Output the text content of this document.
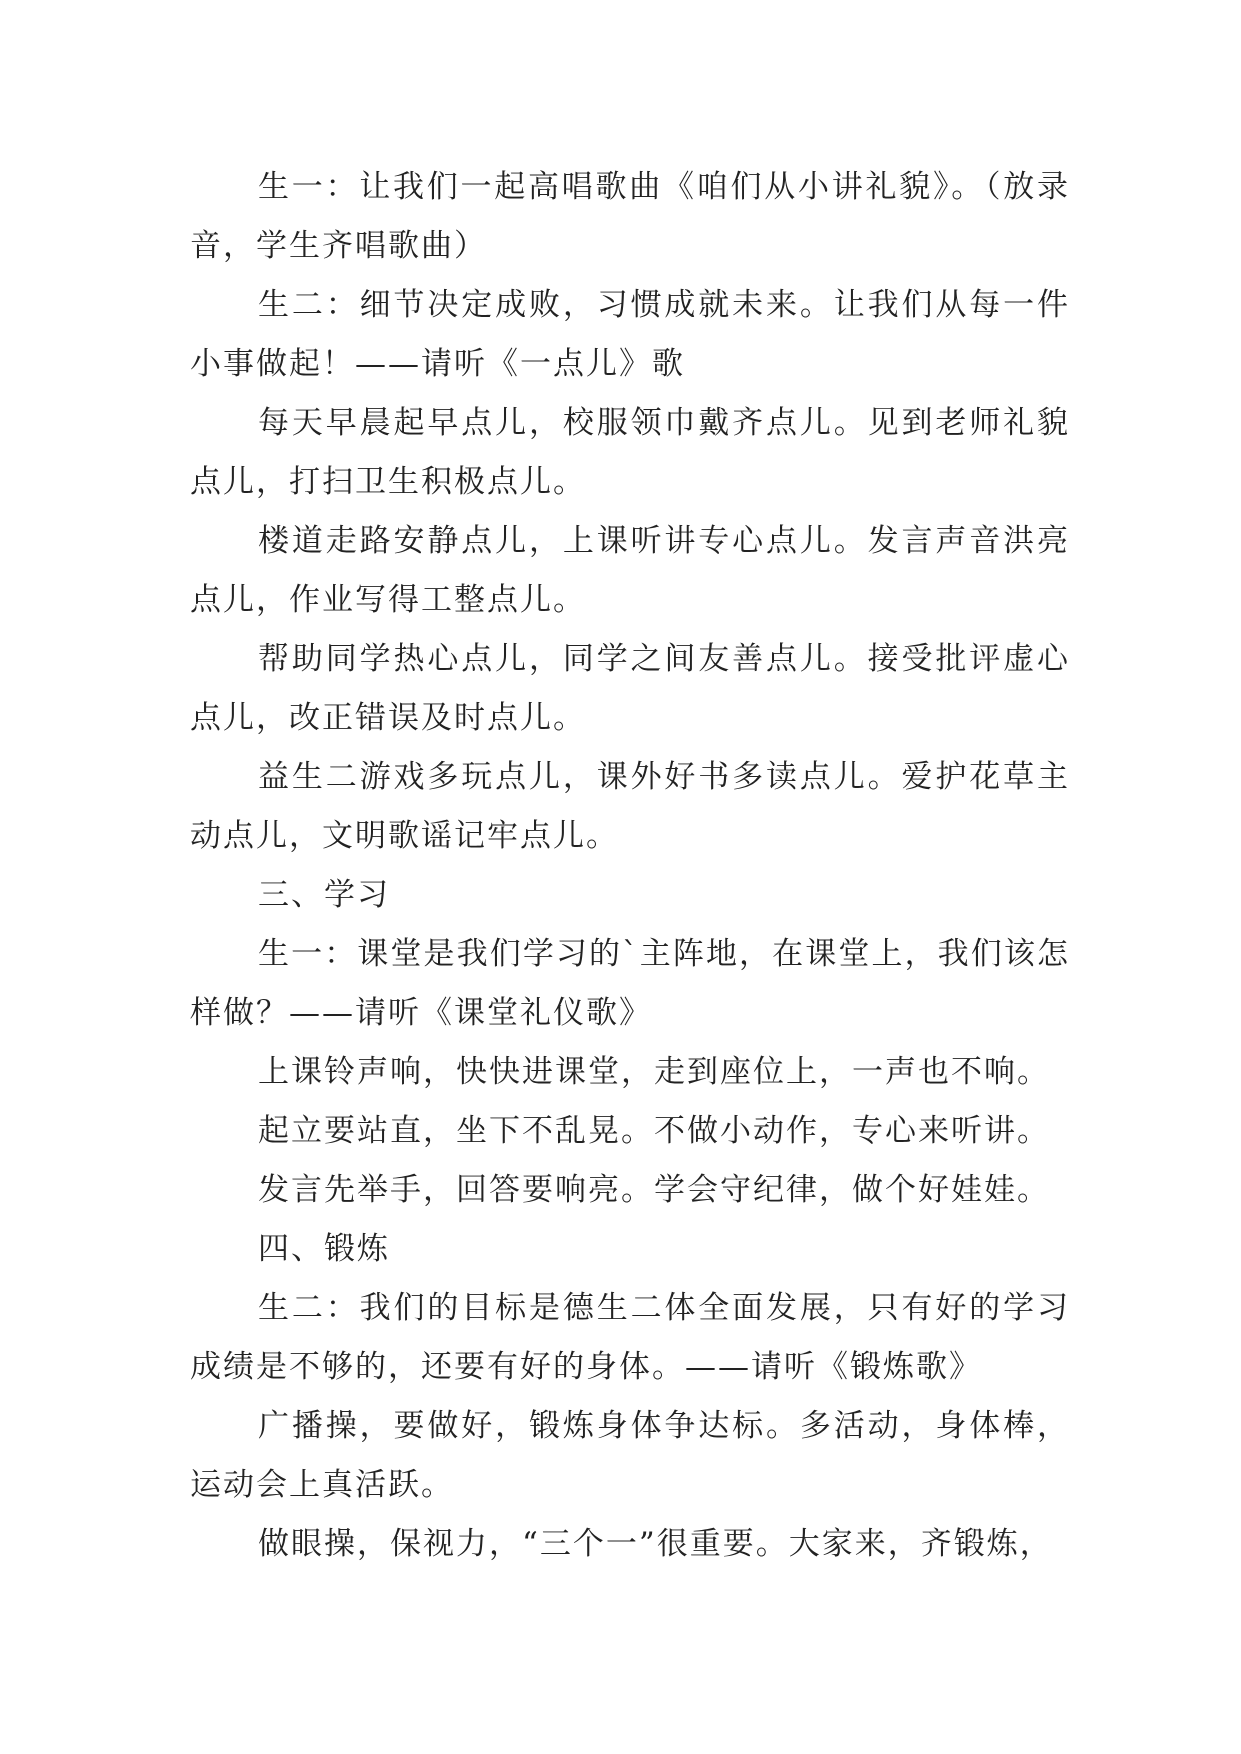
生一：让我们一起高唱歌曲《咱们从小讲礼貌》。（放录音，学生齐唱歌曲）

生二：细节决定成败，习惯成就未来。让我们从每一件小事做起！——请听《一点儿》歌

每天早晨起早点儿，校服领巾戴齐点儿。见到老师礼貌点儿，打扫卫生积极点儿。

楼道走路安静点儿，上课听讲专心点儿。发言声音洪亮点儿，作业写得工整点儿。

帮助同学热心点儿，同学之间友善点儿。接受批评虚心点儿，改正错误及时点儿。

益生二游戏多玩点儿，课外好书多读点儿。爱护花草主动点儿，文明歌谣记牢点儿。

三、学习

生一：课堂是我们学习的`主阵地，在课堂上，我们该怎样做？——请听《课堂礼仪歌》

上课铃声响，快快进课堂，走到座位上，一声也不响。

起立要站直，坐下不乱晃。不做小动作，专心来听讲。

发言先举手，回答要响亮。学会守纪律，做个好娃娃。

四、锻炼

生二：我们的目标是德生二体全面发展，只有好的学习成绩是不够的，还要有好的身体。——请听《锻炼歌》

广播操，要做好，锻炼身体争达标。多活动，身体棒，运动会上真活跃。

做眼操，保视力，“三个一”很重要。大家来，齐锻炼，
